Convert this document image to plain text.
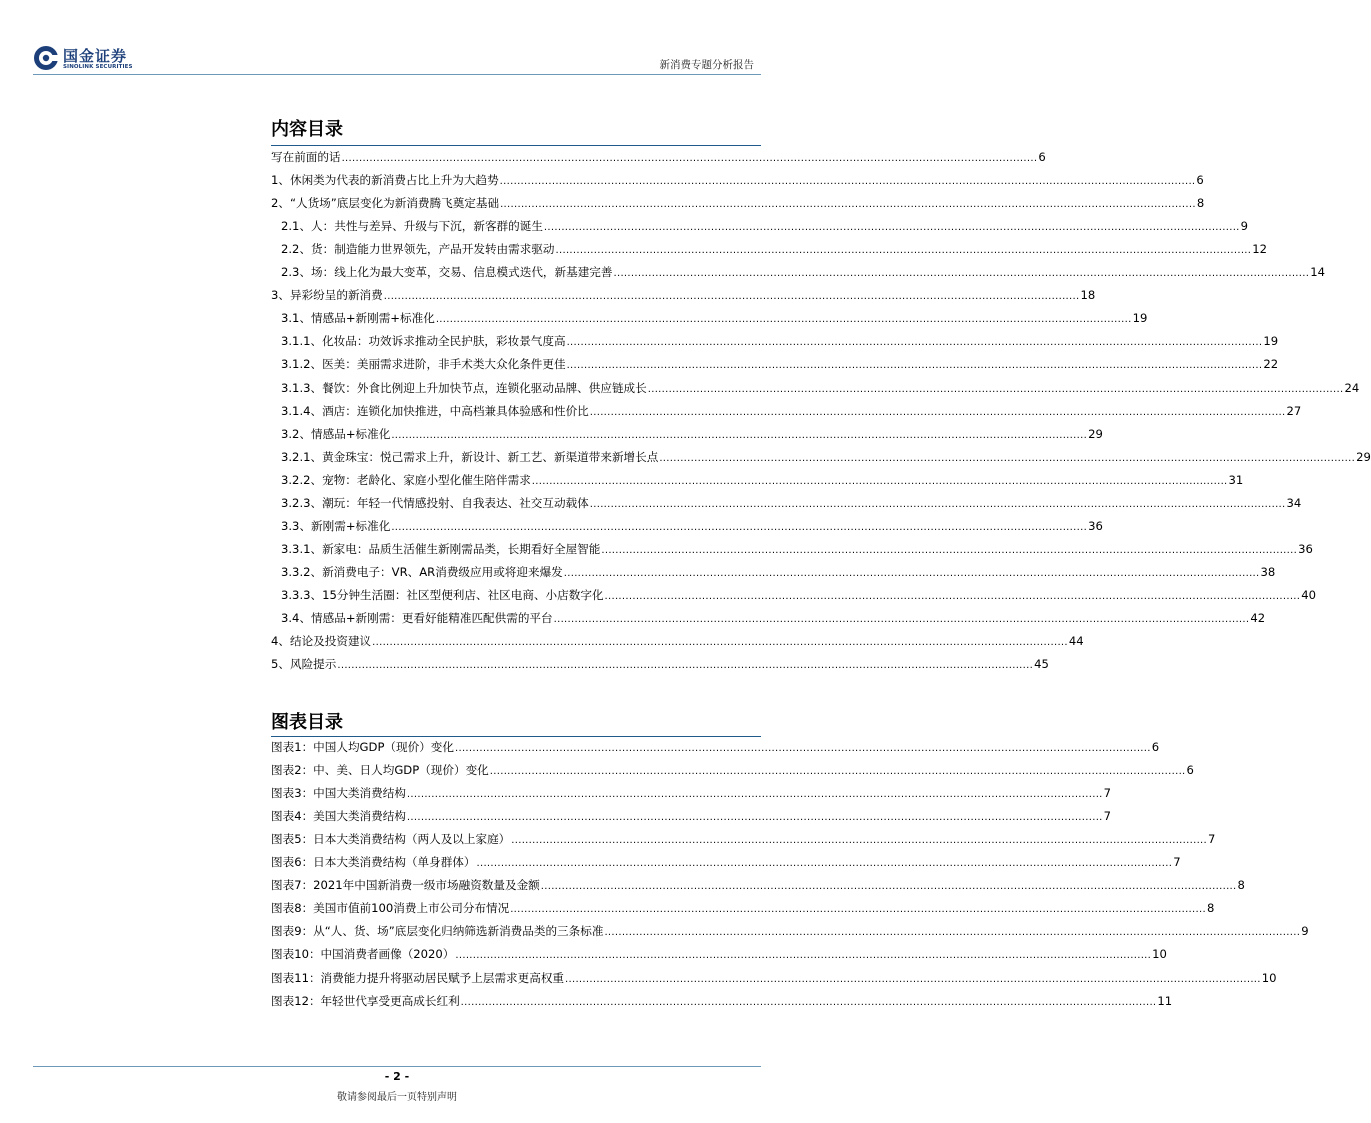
国金证券
SINOLINK SECURITIES	新消费专题分析报告
内容目录
写在前面的话 ........................................................................................................................................................................................................ 6
1、休闲类为代表的新消费占比上升为大趋势 ........................................................................................................................................................................................................ 6
2、“人货场”底层变化为新消费腾飞奠定基础 ........................................................................................................................................................................................................ 8
2.1、人：共性与差异、升级与下沉，新客群的诞生 ........................................................................................................................................................................................................ 9
2.2、货：制造能力世界领先，产品开发转由需求驱动 ........................................................................................................................................................................................................ 12
2.3、场：线上化为最大变革，交易、信息模式迭代，新基建完善 ........................................................................................................................................................................................................ 14
3、异彩纷呈的新消费 ........................................................................................................................................................................................................ 18
3.1、情感品+新刚需+标准化 ........................................................................................................................................................................................................ 19
3.1.1、化妆品：功效诉求推动全民护肤，彩妆景气度高 ........................................................................................................................................................................................................ 19
3.1.2、医美：美丽需求进阶，非手术类大众化条件更佳 ........................................................................................................................................................................................................ 22
3.1.3、餐饮：外食比例迎上升加快节点，连锁化驱动品牌、供应链成长 ........................................................................................................................................................................................................ 24
3.1.4、酒店：连锁化加快推进，中高档兼具体验感和性价比 ........................................................................................................................................................................................................ 27
3.2、情感品+标准化 ........................................................................................................................................................................................................ 29
3.2.1、黄金珠宝：悦己需求上升，新设计、新工艺、新渠道带来新增长点 ........................................................................................................................................................................................................ 29
3.2.2、宠物：老龄化、家庭小型化催生陪伴需求 ........................................................................................................................................................................................................ 31
3.2.3、潮玩：年轻一代情感投射、自我表达、社交互动载体 ........................................................................................................................................................................................................ 34
3.3、新刚需+标准化 ........................................................................................................................................................................................................ 36
3.3.1、新家电：品质生活催生新刚需品类，长期看好全屋智能 ........................................................................................................................................................................................................ 36
3.3.2、新消费电子：VR、AR消费级应用或将迎来爆发 ........................................................................................................................................................................................................ 38
3.3.3、15分钟生活圈：社区型便利店、社区电商、小店数字化 ........................................................................................................................................................................................................ 40
3.4、情感品+新刚需：更看好能精准匹配供需的平台 ........................................................................................................................................................................................................ 42
4、结论及投资建议 ........................................................................................................................................................................................................ 44
5、风险提示 ........................................................................................................................................................................................................ 45
图表目录
图表1：中国人均GDP（现价）变化 ........................................................................................................................................................................................................ 6
图表2：中、美、日人均GDP（现价）变化 ........................................................................................................................................................................................................ 6
图表3：中国大类消费结构 ........................................................................................................................................................................................................ 7
图表4：美国大类消费结构 ........................................................................................................................................................................................................ 7
图表5：日本大类消费结构（两人及以上家庭） ........................................................................................................................................................................................................ 7
图表6：日本大类消费结构（单身群体） ........................................................................................................................................................................................................ 7
图表7：2021年中国新消费一级市场融资数量及金额 ........................................................................................................................................................................................................ 8
图表8：美国市值前100消费上市公司分布情况 ........................................................................................................................................................................................................ 8
图表9：从“人、货、场”底层变化归纳筛选新消费品类的三条标准 ........................................................................................................................................................................................................ 9
图表10：中国消费者画像（2020） ........................................................................................................................................................................................................ 10
图表11：消费能力提升将驱动居民赋予上层需求更高权重 ........................................................................................................................................................................................................ 10
图表12：年轻世代享受更高成长红利 ........................................................................................................................................................................................................ 11
- 2 -
敬请参阅最后一页特别声明
